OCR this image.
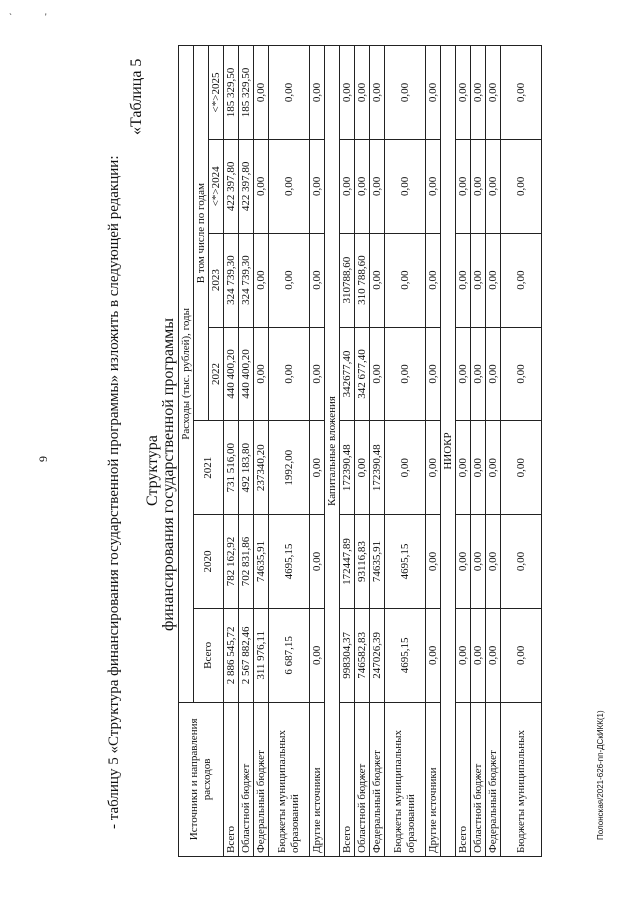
`	'
9	- таблицу 5 «Структура финансирования государственной программы» изложить в следующей редакции:
«Таблица 5
Структура финансирования государственной программы
Источники и направления расходов	Расходы (тыс. рублей), годы						
	Всего	2020	2021	В том числе по годам			
				2022	2023	<*>2024	<*>2025
Всего	2 886 545,72	782 162,92	731 516,00	440 400,20	324 739,30	422 397,80	185 329,50
Областной бюджет	2 567 882,46	702 831,86	492 183,80	440 400,20	324 739,30	422 397,80	185 329,50
Федеральный бюджет	311 976,11	74635,91	237340,20	0,00	0,00	0,00	0,00
Бюджеты муниципальных образований	6 687,15	4695,15	1992,00	0,00	0,00	0,00	0,00
Другие источники	0,00	0,00	0,00	0,00	0,00	0,00	0,00
Капитальные вложения							
Всего	998304,37	172447,89	172390,48	342677,40	310788,60	0,00	0,00
Областной бюджет	746582,83	93116,83	0,00	342 677,40	310 788,60	0,00	0,00
Федеральный бюджет	247026,39	74635,91	172390,48	0,00	0,00	0,00	0,00
Бюджеты муниципальных образований	4695,15	4695,15	0,00	0,00	0,00	0,00	0,00
Другие источники	0,00	0,00	0,00	0,00	0,00	0,00	0,00
НИОКР							
Всего	0,00	0,00	0,00	0,00	0,00	0,00	0,00
Областной бюджет	0,00	0,00	0,00	0,00	0,00	0,00	0,00
Федеральный бюджет	0,00	0,00	0,00	0,00	0,00	0,00	0,00
Бюджеты муниципальных	0,00	0,00	0,00	0,00	0,00	0,00	0,00
Полонская/2021-626-пп-ДСкИКК(1)
